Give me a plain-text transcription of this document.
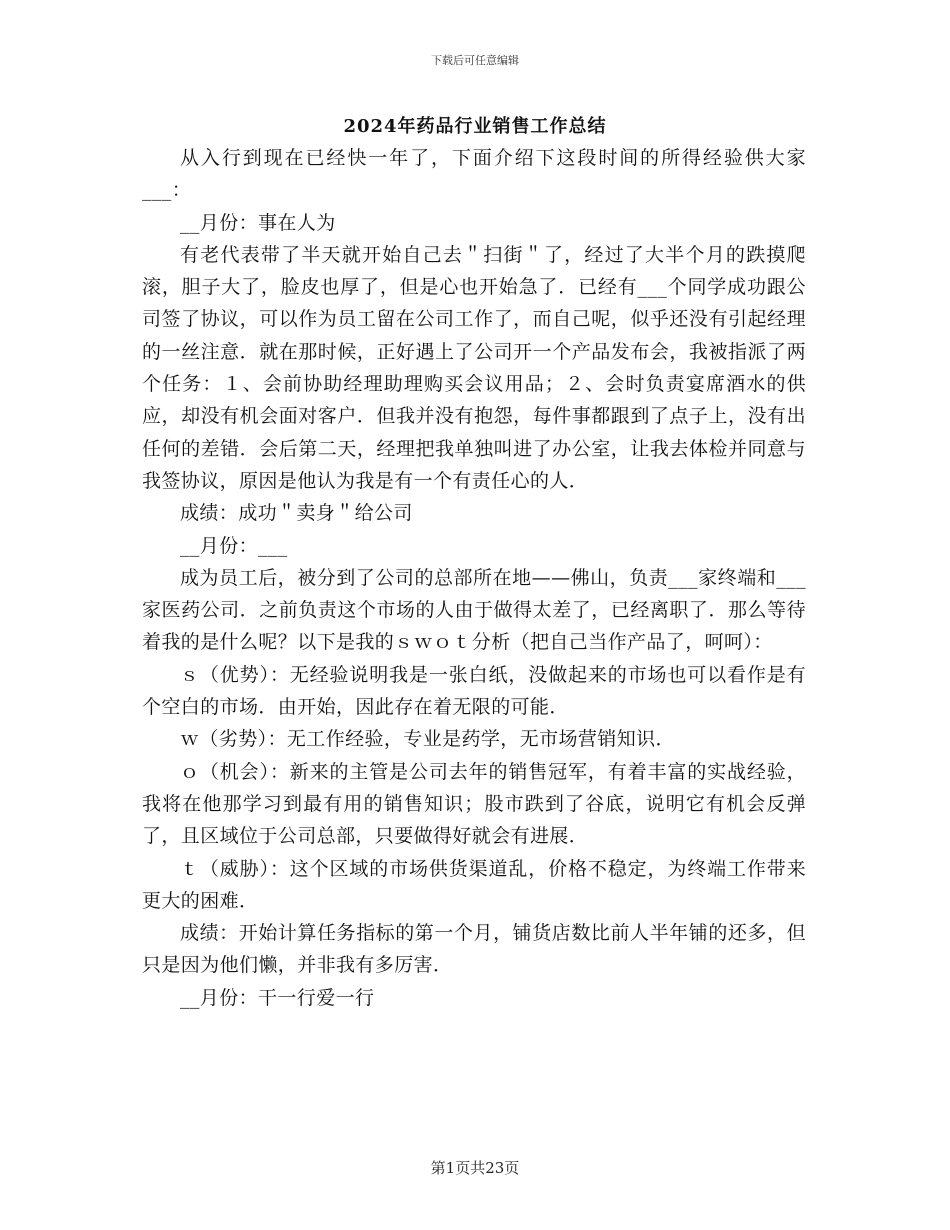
下载后可任意编辑
2024年药品行业销售工作总结

从入行到现在已经快一年了，下面介绍下这段时间的所得经验供大家___：

__月份：事在人为

有老代表带了半天就开始自己去＂扫街＂了，经过了大半个月的跌摸爬滚，胆子大了，脸皮也厚了，但是心也开始急了．已经有___个同学成功跟公司签了协议，可以作为员工留在公司工作了，而自己呢，似乎还没有引起经理的一丝注意．就在那时候，正好遇上了公司开一个产品发布会，我被指派了两个任务：１、会前协助经理助理购买会议用品；２、会时负责宴席酒水的供应，却没有机会面对客户．但我并没有抱怨，每件事都跟到了点子上，没有出任何的差错．会后第二天，经理把我单独叫进了办公室，让我去体检并同意与我签协议，原因是他认为我是有一个有责任心的人．

成绩：成功＂卖身＂给公司

__月份：___

成为员工后，被分到了公司的总部所在地——佛山，负责___家终端和___家医药公司．之前负责这个市场的人由于做得太差了，已经离职了．那么等待着我的是什么呢？以下是我的ｓｗｏｔ分析（把自己当作产品了，呵呵）：

ｓ（优势）：无经验说明我是一张白纸，没做起来的市场也可以看作是有个空白的市场．由开始，因此存在着无限的可能．

ｗ（劣势）：无工作经验，专业是药学，无市场营销知识．

ｏ（机会）：新来的主管是公司去年的销售冠军，有着丰富的实战经验，我将在他那学习到最有用的销售知识；股市跌到了谷底，说明它有机会反弹了，且区域位于公司总部，只要做得好就会有进展．

ｔ（威胁）：这个区域的市场供货渠道乱，价格不稳定，为终端工作带来更大的困难．

成绩：开始计算任务指标的第一个月，铺货店数比前人半年铺的还多，但只是因为他们懒，并非我有多厉害．

__月份：干一行爱一行

第1页共23页
